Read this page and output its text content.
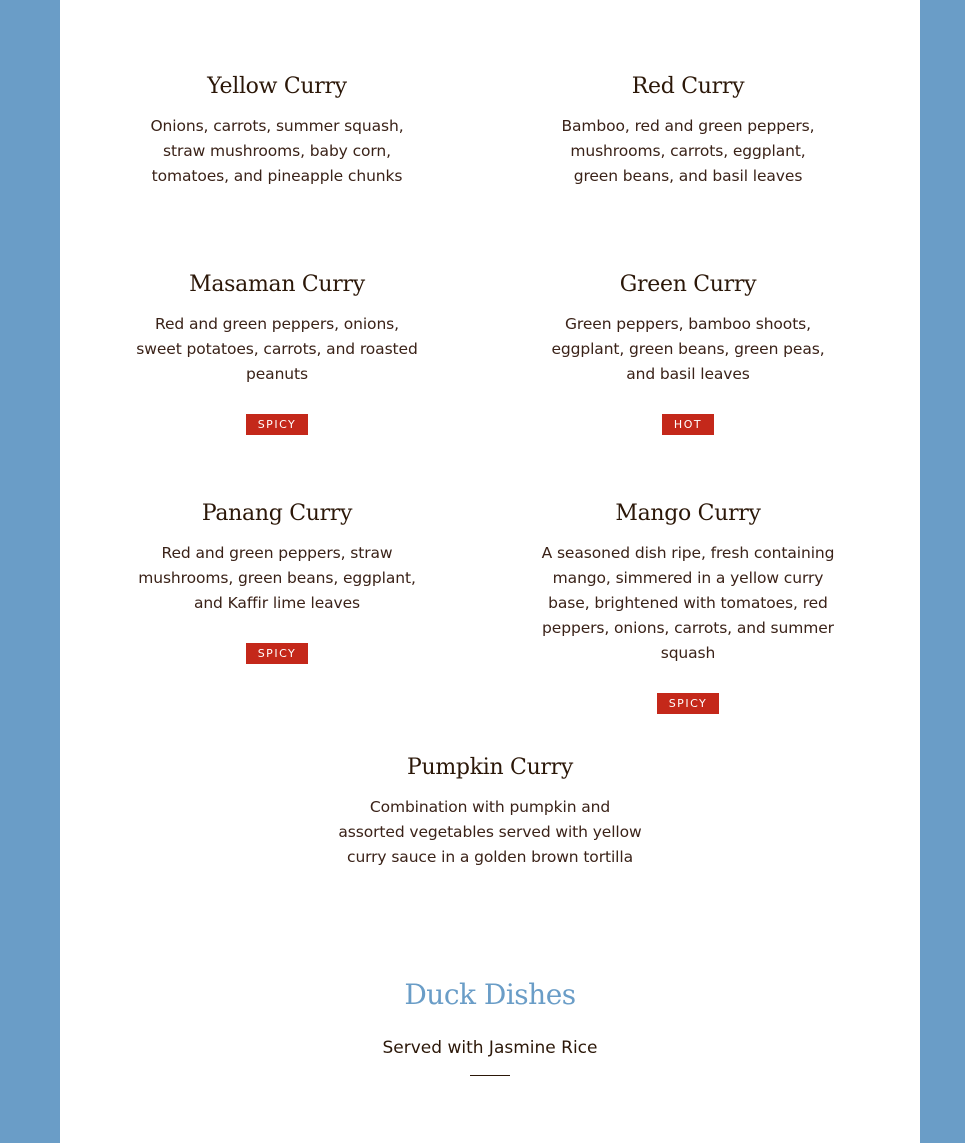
Yellow Curry
Onions, carrots, summer squash, straw mushrooms, baby corn, tomatoes, and pineapple chunks
Red Curry
Bamboo, red and green peppers, mushrooms, carrots, eggplant, green beans, and basil leaves
Masaman Curry
Red and green peppers, onions, sweet potatoes, carrots, and roasted peanuts
SPICY
Green Curry
Green peppers, bamboo shoots, eggplant, green beans, green peas, and basil leaves
HOT
Panang Curry
Red and green peppers, straw mushrooms, green beans, eggplant, and Kaffir lime leaves
SPICY
Mango Curry
A seasoned dish ripe, fresh containing mango, simmered in a yellow curry base, brightened with tomatoes, red peppers, onions, carrots, and summer squash
SPICY
Pumpkin Curry
Combination with pumpkin and assorted vegetables served with yellow curry sauce in a golden brown tortilla
Duck Dishes
Served with Jasmine Rice
